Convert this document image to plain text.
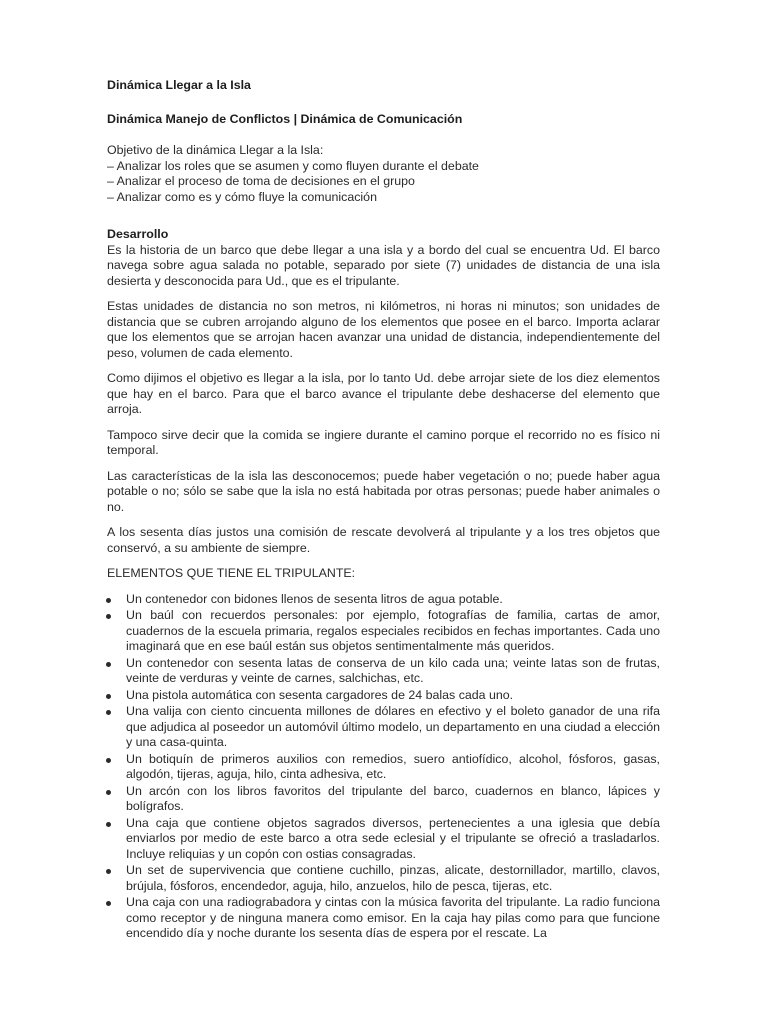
Dinámica Llegar a la Isla

Dinámica Manejo de Conflictos | Dinámica de Comunicación

Objetivo de la dinámica Llegar a la Isla:
– Analizar los roles que se asumen y como fluyen durante el debate
– Analizar el proceso de toma de decisiones en el grupo
– Analizar como es y cómo fluye la comunicación

Desarrollo

Es la historia de un barco que debe llegar a una isla y a bordo del cual se encuentra Ud. El barco navega sobre agua salada no potable, separado por siete (7) unidades de distancia de una isla desierta y desconocida para Ud., que es el tripulante.

Estas unidades de distancia no son metros, ni kilómetros, ni horas ni minutos; son unidades de distancia que se cubren arrojando alguno de los elementos que posee en el barco. Importa aclarar que los elementos que se arrojan hacen avanzar una unidad de distancia, independientemente del peso, volumen de cada elemento.

Como dijimos el objetivo es llegar a la isla, por lo tanto Ud. debe arrojar siete de los diez elementos que hay en el barco. Para que el barco avance el tripulante debe deshacerse del elemento que arroja.

Tampoco sirve decir que la comida se ingiere durante el camino porque el recorrido no es físico ni temporal.

Las características de la isla las desconocemos; puede haber vegetación o no; puede haber agua potable o no; sólo se sabe que la isla no está habitada por otras personas; puede haber animales o no.

A los sesenta días justos una comisión de rescate devolverá al tripulante y a los tres objetos que conservó, a su ambiente de siempre.

ELEMENTOS QUE TIENE EL TRIPULANTE:

Un contenedor con bidones llenos de sesenta litros de agua potable.
Un baúl con recuerdos personales: por ejemplo, fotografías de familia, cartas de amor, cuadernos de la escuela primaria, regalos especiales recibidos en fechas importantes. Cada uno imaginará que en ese baúl están sus objetos sentimentalmente más queridos.
Un contenedor con sesenta latas de conserva de un kilo cada una; veinte latas son de frutas, veinte de verduras y veinte de carnes, salchichas, etc.
Una pistola automática con sesenta cargadores de 24 balas cada uno.
Una valija con ciento cincuenta millones de dólares en efectivo y el boleto ganador de una rifa que adjudica al poseedor un automóvil último modelo, un departamento en una ciudad a elección y una casa-quinta.
Un botiquín de primeros auxilios con remedios, suero antiofídico, alcohol, fósforos, gasas, algodón, tijeras, aguja, hilo, cinta adhesiva, etc.
Un arcón con los libros favoritos del tripulante del barco, cuadernos en blanco, lápices y bolígrafos.
Una caja que contiene objetos sagrados diversos, pertenecientes a una iglesia que debía enviarlos por medio de este barco a otra sede eclesial y el tripulante se ofreció a trasladarlos. Incluye reliquias y un copón con ostias consagradas.
Un set de supervivencia que contiene cuchillo, pinzas, alicate, destornillador, martillo, clavos, brújula, fósforos, encendedor, aguja, hilo, anzuelos, hilo de pesca, tijeras, etc.
Una caja con una radiograbadora y cintas con la música favorita del tripulante. La radio funciona como receptor y de ninguna manera como emisor. En la caja hay pilas como para que funcione encendido día y noche durante los sesenta días de espera por el rescate. La
